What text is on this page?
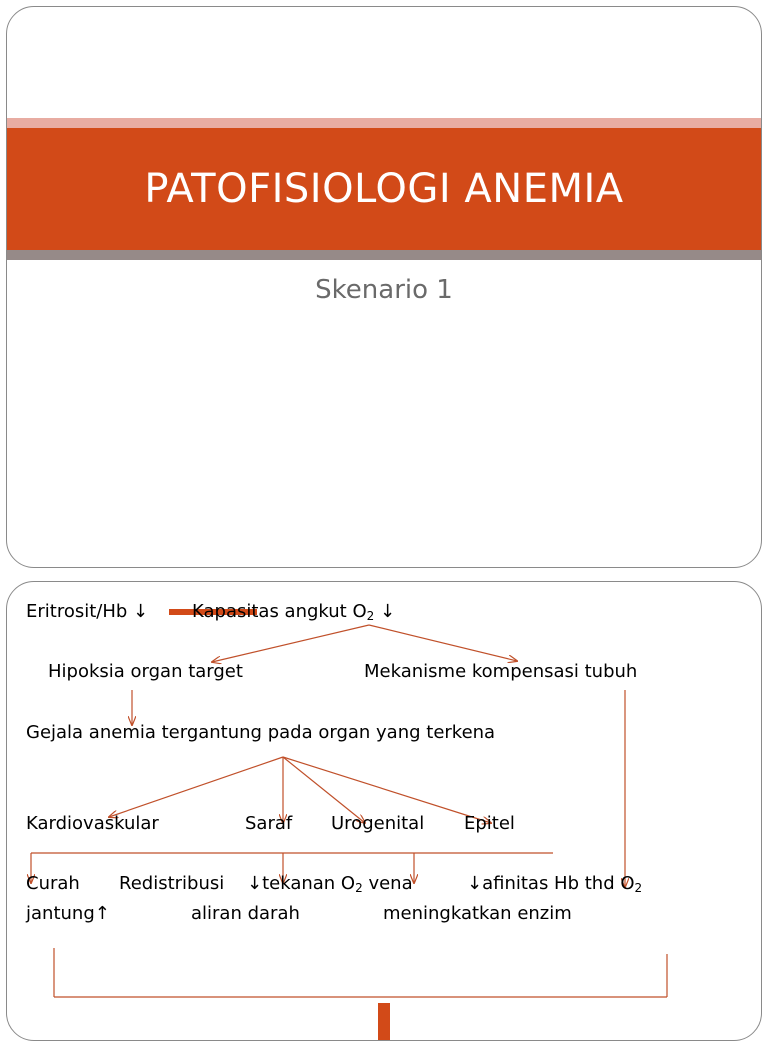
PATOFISIOLOGI ANEMIA
Skenario 1
Eritrosit/Hb ↓ Kapasitas angkut $O_2$ ↓
Hipoksia organ target	Mekanisme kompensasi tubuh
Gejala anemia tergantung pada organ yang terkena
Kardiovaskular	Saraf Urogenital Epitel
Curah
jantung↑
Redistribusi
aliran darah
↓tekanan $O_2$ vena
meningkatkan enzim
↓afinitas Hb thd $O_2$
